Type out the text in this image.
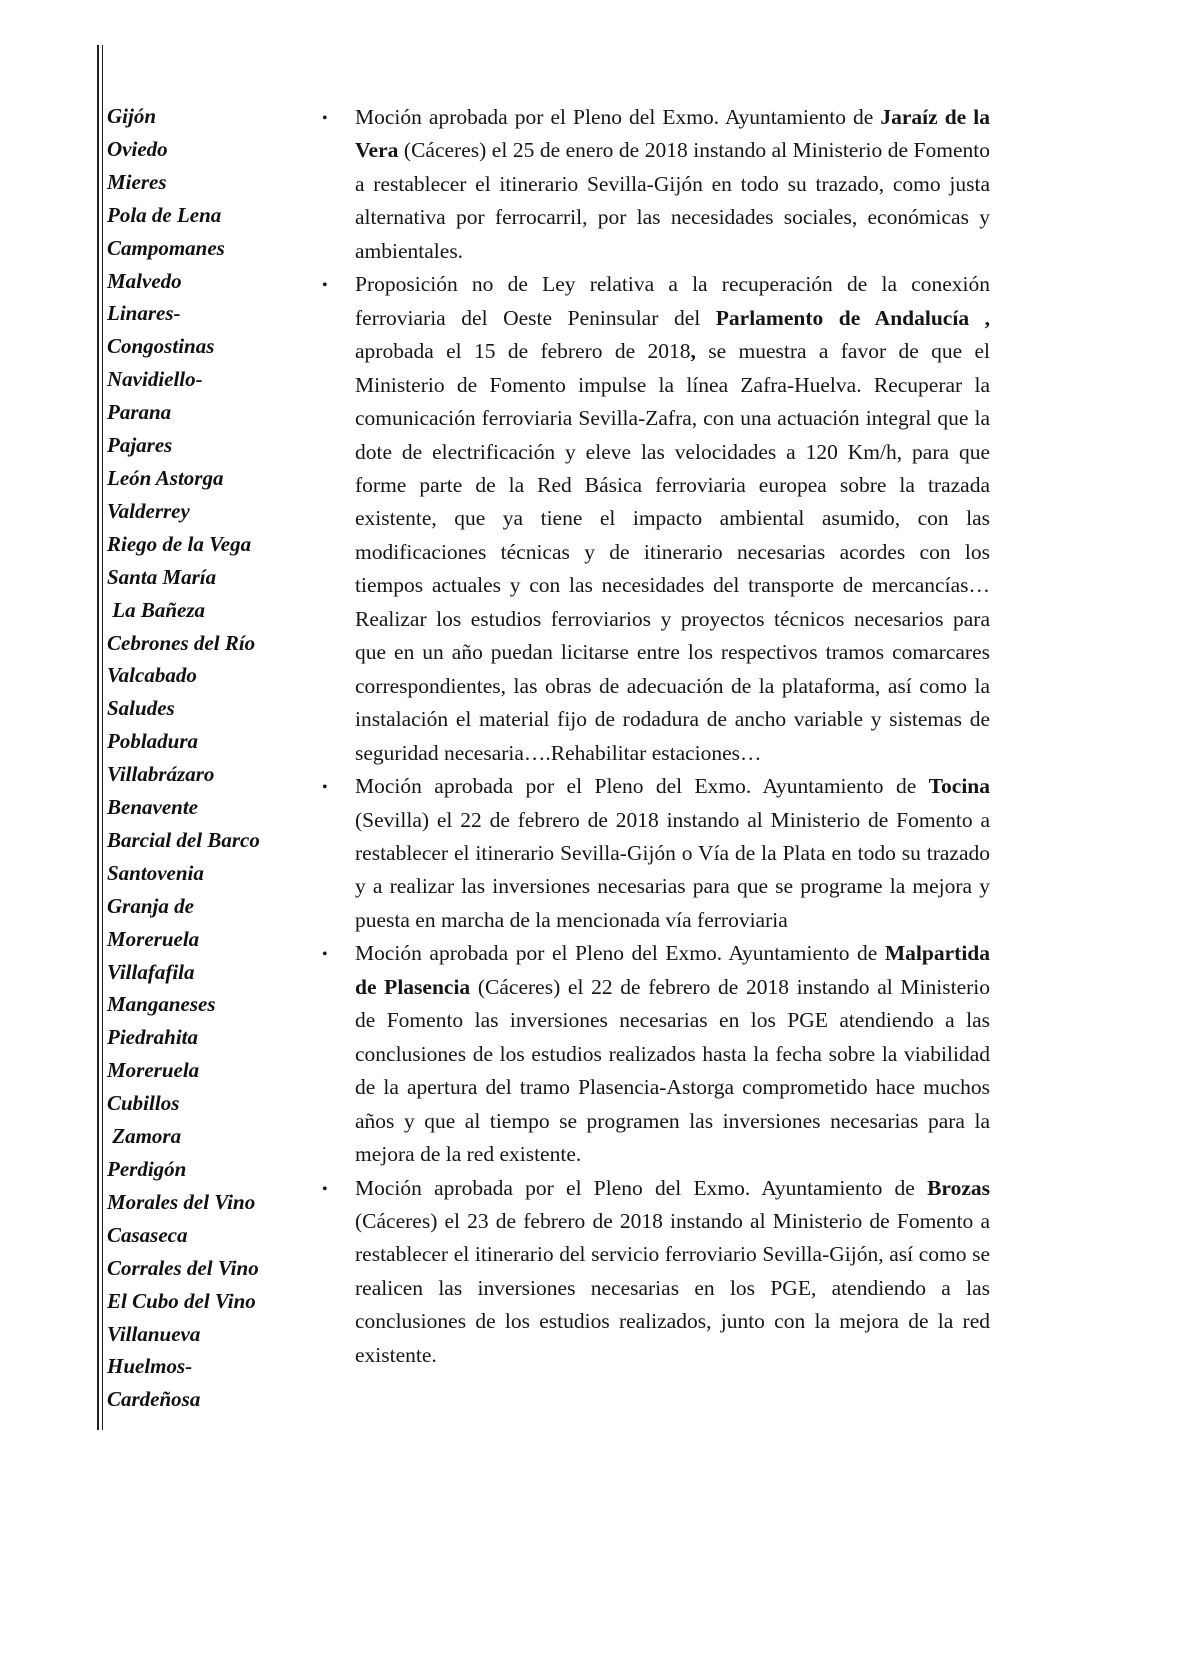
Gijón
Oviedo
Mieres
Pola de Lena
Campomanes
Malvedo
Linares-
Congostinas
Navidiello-
Parana
Pajares
León Astorga
Valderrey
Riego de la Vega
Santa María
La Bañeza
Cebrones del Río
Valcabado
Saludes
Pobladura
Villabrázaro
Benavente
Barcial del Barco
Santovenia
Granja de
Moreruela
Villafafila
Manganeses
Piedrahita
Moreruela
Cubillos
Zamora
Perdigón
Morales del Vino
Casaseca
Corrales del Vino
El Cubo del Vino
Villanueva
Huelmos-
Cardeñosa
•	Moción aprobada por el Pleno del Exmo. Ayuntamiento de Jaraíz de la Vera (Cáceres) el 25 de enero de 2018 instando al Ministerio de Fomento a restablecer el itinerario Sevilla-Gijón en todo su trazado, como justa alternativa por ferrocarril, por las necesidades sociales, económicas y ambientales.
•	Proposición no de Ley relativa a la recuperación de la conexión ferroviaria del Oeste Peninsular del Parlamento de Andalucía , aprobada el 15 de febrero de 2018, se muestra a favor de que el Ministerio de Fomento impulse la línea Zafra-Huelva. Recuperar la comunicación ferroviaria Sevilla-Zafra, con una actuación integral que la dote de electrificación y eleve las velocidades a 120 Km/h, para que forme parte de la Red Básica ferroviaria europea sobre la trazada existente, que ya tiene el impacto ambiental asumido, con las modificaciones técnicas y de itinerario necesarias acordes con los tiempos actuales y con las necesidades del transporte de mercancías…Realizar los estudios ferroviarios y proyectos técnicos necesarios para que en un año puedan licitarse entre los respectivos tramos comarcares correspondientes, las obras de adecuación de la plataforma, así como la instalación el material fijo de rodadura de ancho variable y sistemas de seguridad necesaria….Rehabilitar estaciones…
•	Moción aprobada por el Pleno del Exmo. Ayuntamiento de Tocina (Sevilla) el 22 de febrero de 2018 instando al Ministerio de Fomento a restablecer el itinerario Sevilla-Gijón o Vía de la Plata en todo su trazado y a realizar las inversiones necesarias para que se programe la mejora y puesta en marcha de la mencionada vía ferroviaria
•	Moción aprobada por el Pleno del Exmo. Ayuntamiento de Malpartida de Plasencia (Cáceres) el 22 de febrero de 2018 instando al Ministerio de Fomento las inversiones necesarias en los PGE atendiendo a las conclusiones de los estudios realizados hasta la fecha sobre la viabilidad de la apertura del tramo Plasencia-Astorga comprometido hace muchos años y que al tiempo se programen las inversiones necesarias para la mejora de la red existente.
•	Moción aprobada por el Pleno del Exmo. Ayuntamiento de Brozas (Cáceres) el 23 de febrero de 2018 instando al Ministerio de Fomento a restablecer el itinerario del servicio ferroviario Sevilla-Gijón, así como se realicen las inversiones necesarias en los PGE, atendiendo a las conclusiones de los estudios realizados, junto con la mejora de la red existente.
